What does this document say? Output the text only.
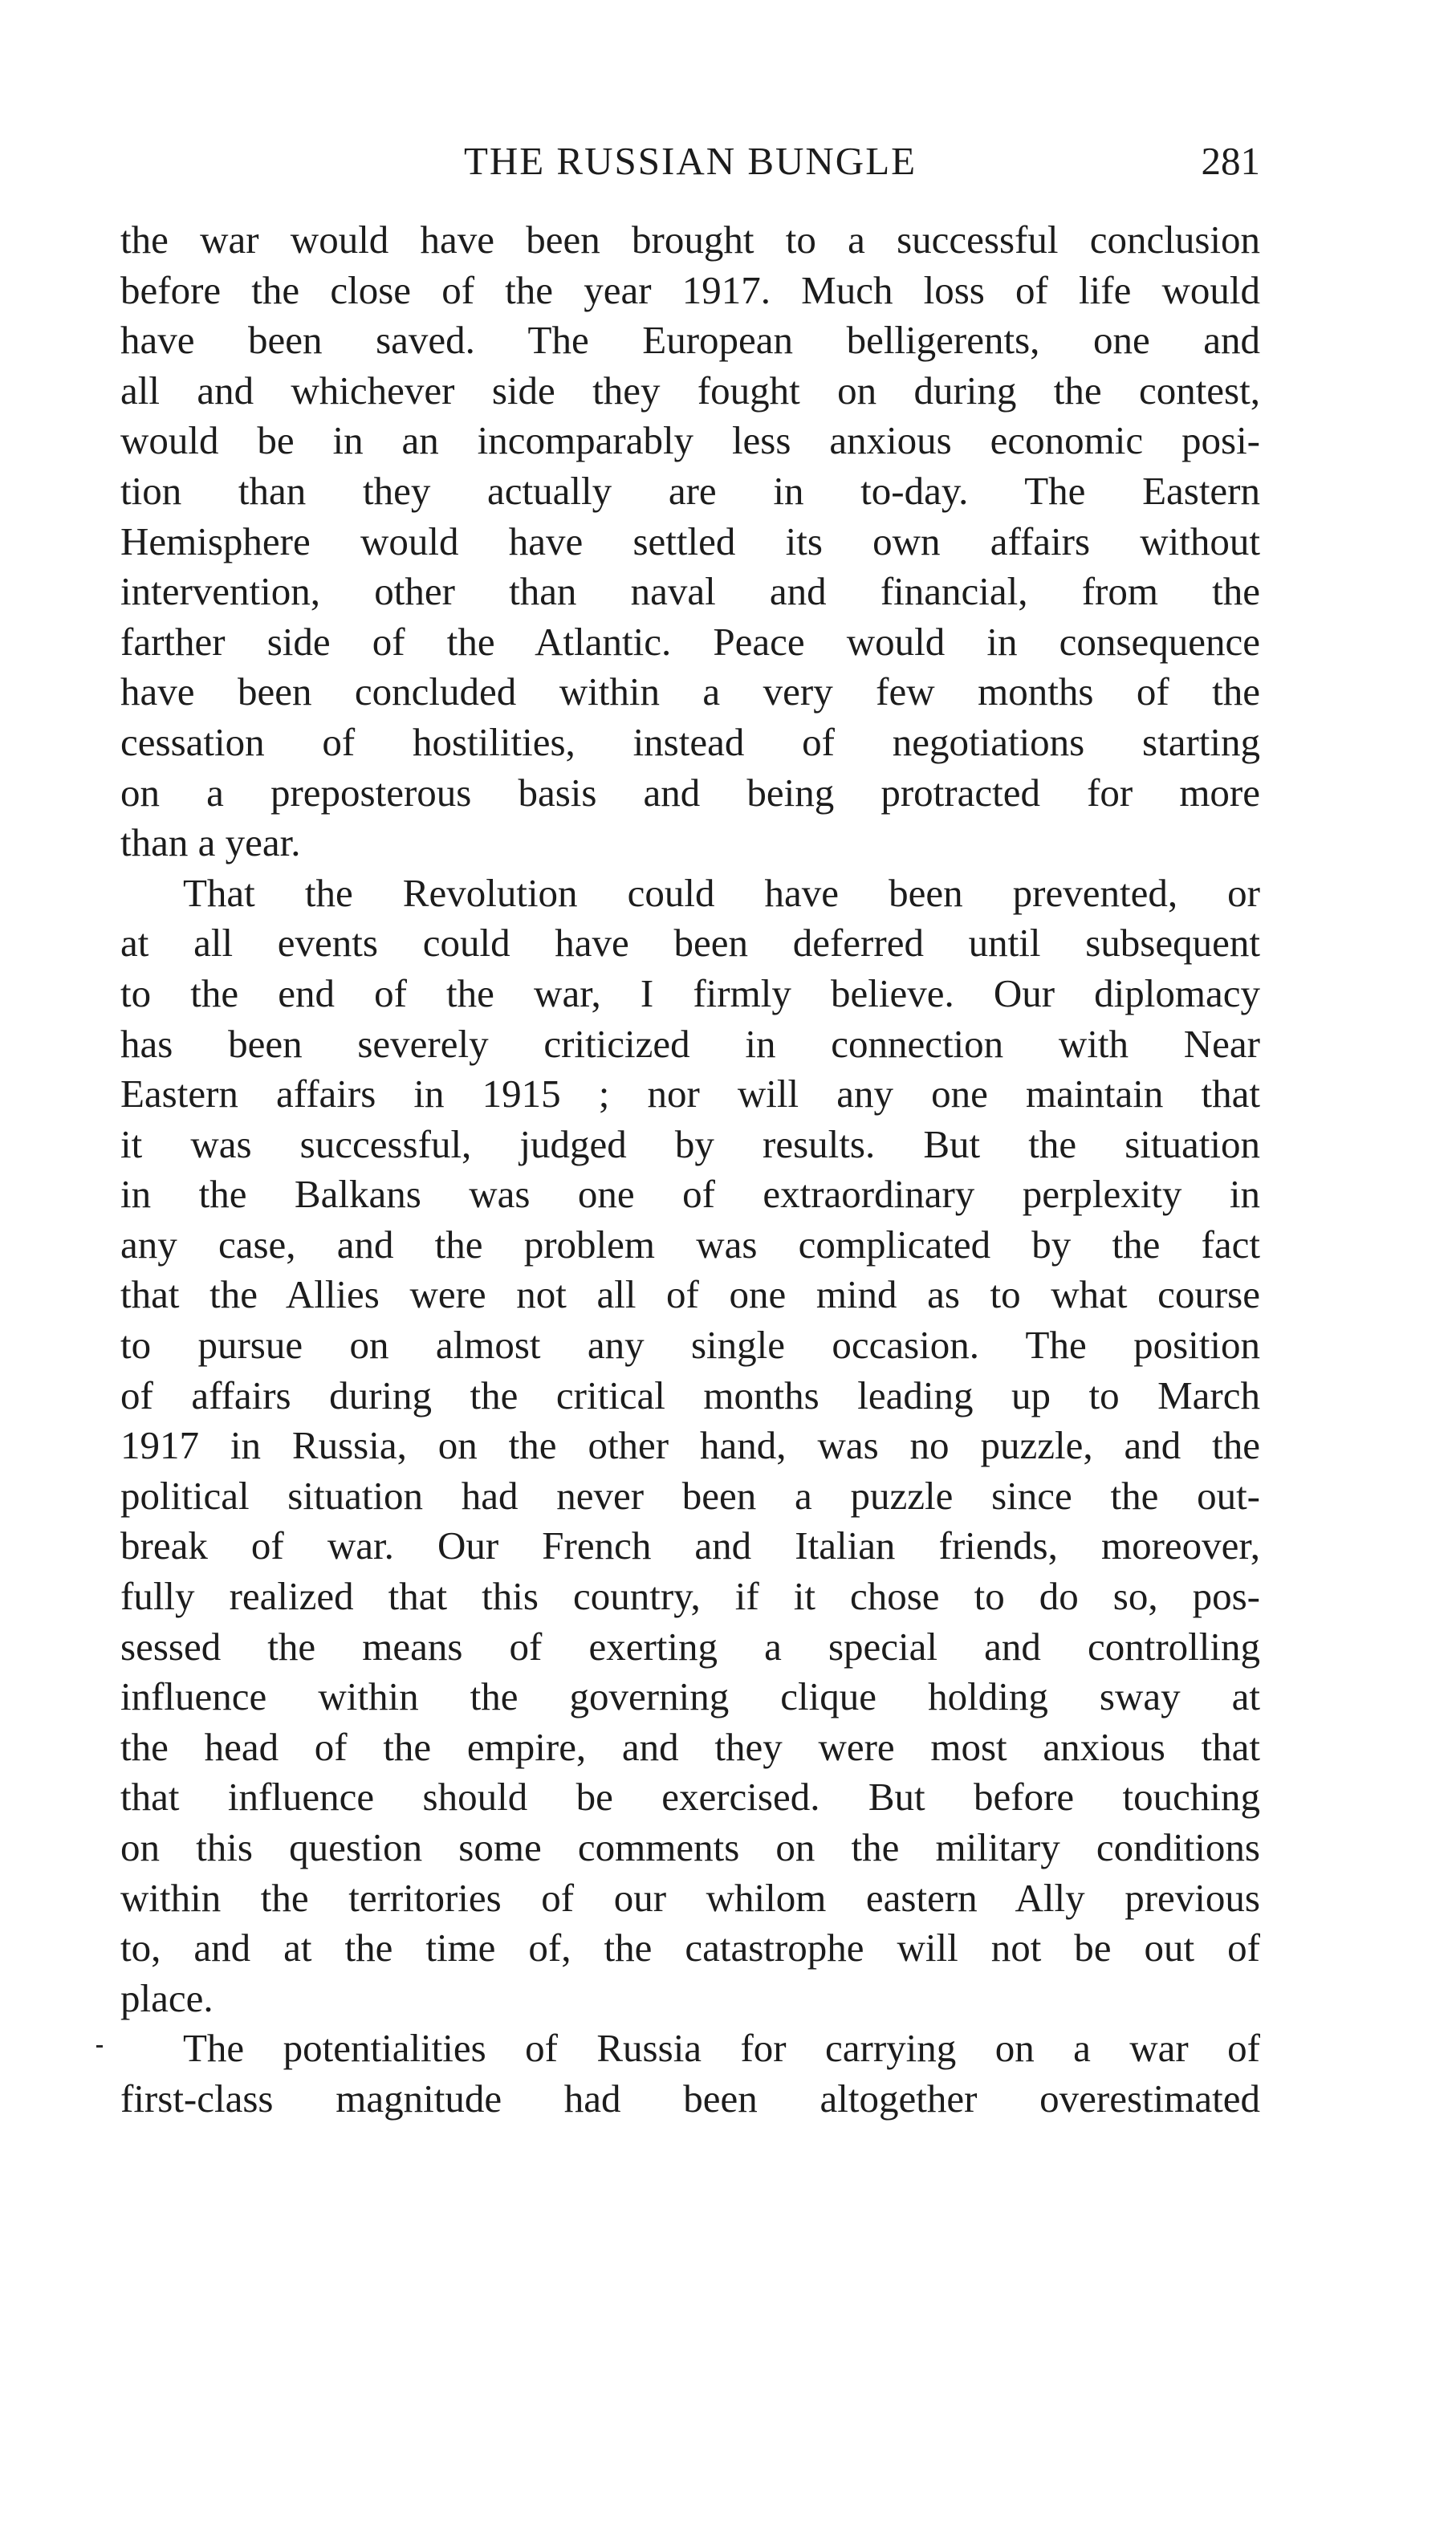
THE RUSSIAN BUNGLE	281
the war would have been brought to a successful conclusion
before the close of the year 1917. Much loss of life would
have been saved. The European belligerents, one and
all and whichever side they fought on during the contest,
would be in an incomparably less anxious economic posi-
tion than they actually are in to-day. The Eastern
Hemisphere would have settled its own affairs without
intervention, other than naval and financial, from the
farther side of the Atlantic. Peace would in consequence
have been concluded within a very few months of the
cessation of hostilities, instead of negotiations starting
on a preposterous basis and being protracted for more
than a year.
That the Revolution could have been prevented, or
at all events could have been deferred until subsequent
to the end of the war, I firmly believe. Our diplomacy
has been severely criticized in connection with Near
Eastern affairs in 1915 ; nor will any one maintain that
it was successful, judged by results. But the situation
in the Balkans was one of extraordinary perplexity in
any case, and the problem was complicated by the fact
that the Allies were not all of one mind as to what course
to pursue on almost any single occasion. The position
of affairs during the critical months leading up to March
1917 in Russia, on the other hand, was no puzzle, and the
political situation had never been a puzzle since the out-
break of war. Our French and Italian friends, moreover,
fully realized that this country, if it chose to do so, pos-
sessed the means of exerting a special and controlling
influence within the governing clique holding sway at
the head of the empire, and they were most anxious that
that influence should be exercised. But before touching
on this question some comments on the military conditions
within the territories of our whilom eastern Ally previous
to, and at the time of, the catastrophe will not be out of
place.
The potentialities of Russia for carrying on a war of
first-class magnitude had been altogether overestimated
